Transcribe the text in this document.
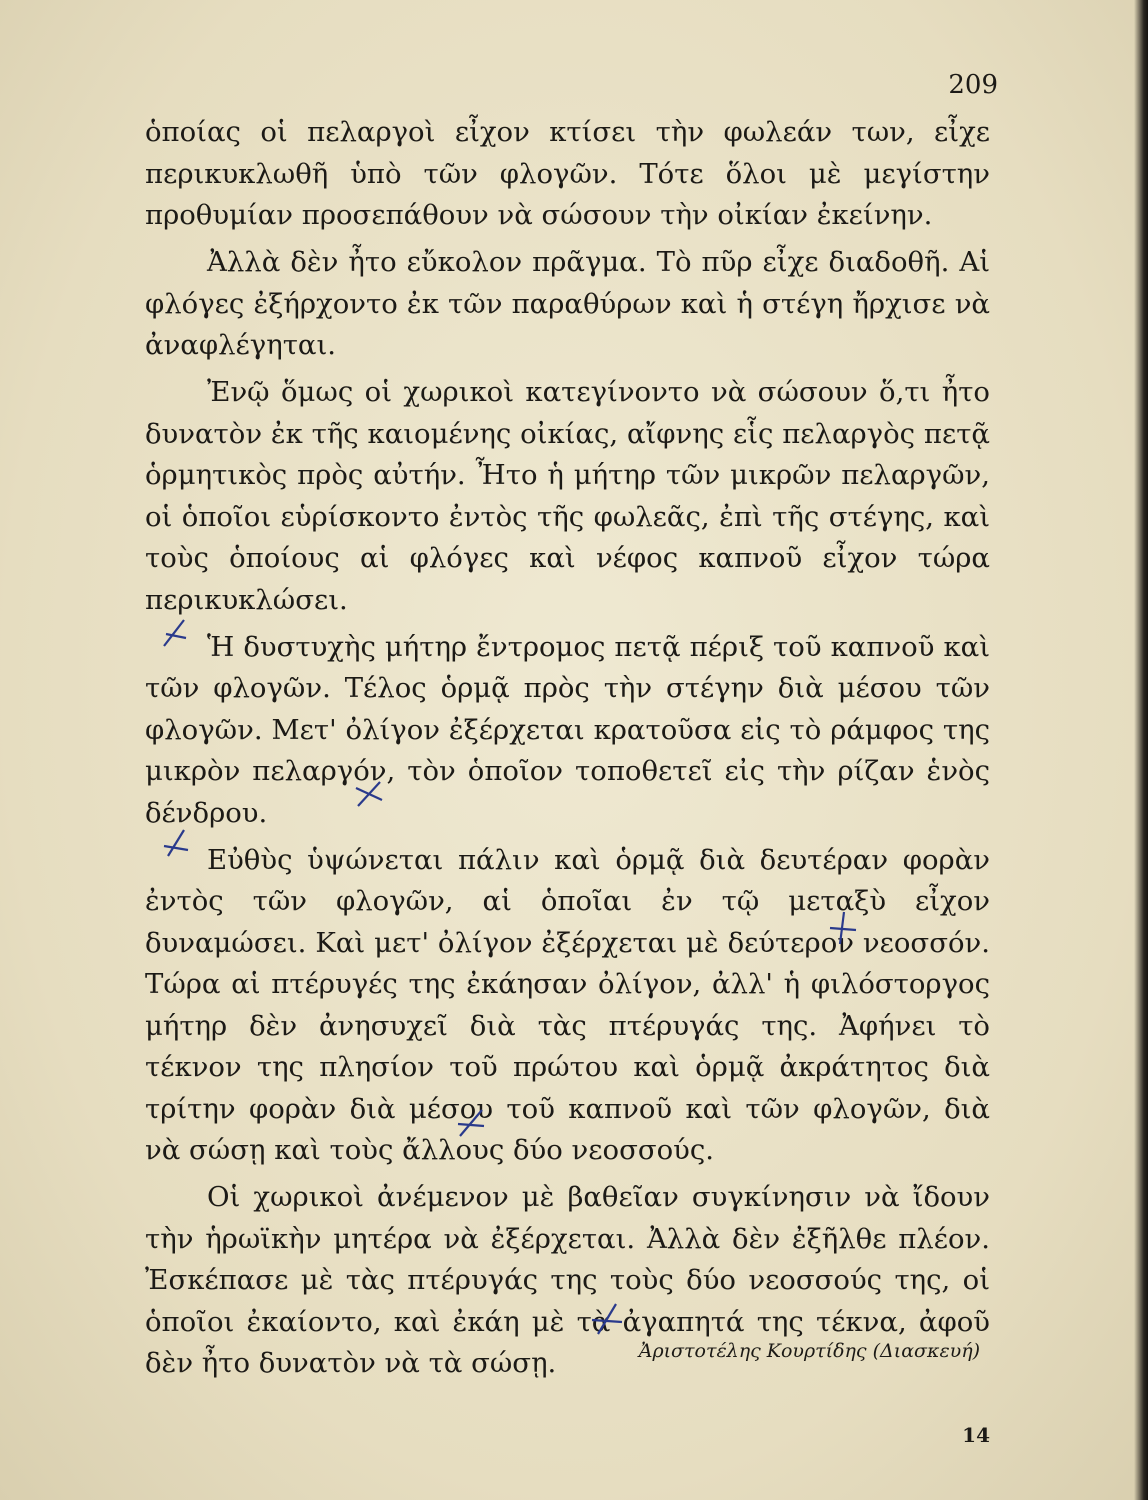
209

ὁποίας οἱ πελαργοὶ εἶχον κτίσει τὴν φωλεάν των, εἶχε περικυκλωθῆ ὑπὸ τῶν φλογῶν. Τότε ὅλοι μὲ μεγίστην προθυμίαν προσεπάθουν νὰ σώσουν τὴν οἰκίαν ἐκείνην.

Ἀλλὰ δὲν ἦτο εὔκολον πρᾶγμα. Τὸ πῦρ εἶχε διαδοθῆ. Αἱ φλόγες ἐξήρχοντο ἐκ τῶν παραθύρων καὶ ἡ στέγη ἤρχισε νὰ ἀναφλέγηται.

Ἐνῷ ὅμως οἱ χωρικοὶ κατεγίνοντο νὰ σώσουν ὅ,τι ἦτο δυνατὸν ἐκ τῆς καιομένης οἰκίας, αἴφνης εἷς πελαργὸς πετᾷ ὁρμητικὸς πρὸς αὐτήν. Ἦτο ἡ μήτηρ τῶν μικρῶν πελαργῶν, οἱ ὁποῖοι εὑρίσκοντο ἐντὸς τῆς φωλεᾶς, ἐπὶ τῆς στέγης, καὶ τοὺς ὁποίους αἱ φλόγες καὶ νέφος καπνοῦ εἶχον τώρα περικυκλώσει.

Ἡ δυστυχὴς μήτηρ ἔντρομος πετᾷ πέριξ τοῦ καπνοῦ καὶ τῶν φλογῶν. Τέλος ὁρμᾷ πρὸς τὴν στέγην διὰ μέσου τῶν φλογῶν. Μετ' ὀλίγον ἐξέρχεται κρατοῦσα εἰς τὸ ράμφος της μικρὸν πελαργόν, τὸν ὁποῖον τοποθετεῖ εἰς τὴν ρίζαν ἑνὸς δένδρου.

Εὐθὺς ὑψώνεται πάλιν καὶ ὁρμᾷ διὰ δευτέραν φορὰν ἐντὸς τῶν φλογῶν, αἱ ὁποῖαι ἐν τῷ μεταξὺ εἶχον δυναμώσει. Καὶ μετ' ὀλίγον ἐξέρχεται μὲ δεύτερον νεοσσόν. Τώρα αἱ πτέρυγές της ἐκάησαν ὀλίγον, ἀλλ' ἡ φιλόστοργος μήτηρ δὲν ἀνησυχεῖ διὰ τὰς πτέρυγάς της. Ἀφήνει τὸ τέκνον της πλησίον τοῦ πρώτου καὶ ὁρμᾷ ἀκράτητος διὰ τρίτην φορὰν διὰ μέσου τοῦ καπνοῦ καὶ τῶν φλογῶν, διὰ νὰ σώσῃ καὶ τοὺς ἄλλους δύο νεοσσούς.

Οἱ χωρικοὶ ἀνέμενον μὲ βαθεῖαν συγκίνησιν νὰ ἴδουν τὴν ἡρωϊκὴν μητέρα νὰ ἐξέρχεται. Ἀλλὰ δὲν ἐξῆλθε πλέον. Ἐσκέπασε μὲ τὰς πτέρυγάς της τοὺς δύο νεοσσούς της, οἱ ὁποῖοι ἐκαίοντο, καὶ ἐκάη μὲ τὰ ἀγαπητά της τέκνα, ἀφοῦ δὲν ἦτο δυνατὸν νὰ τὰ σώσῃ.	Ἀριστοτέλης Κουρτίδης (Διασκευή)
14
